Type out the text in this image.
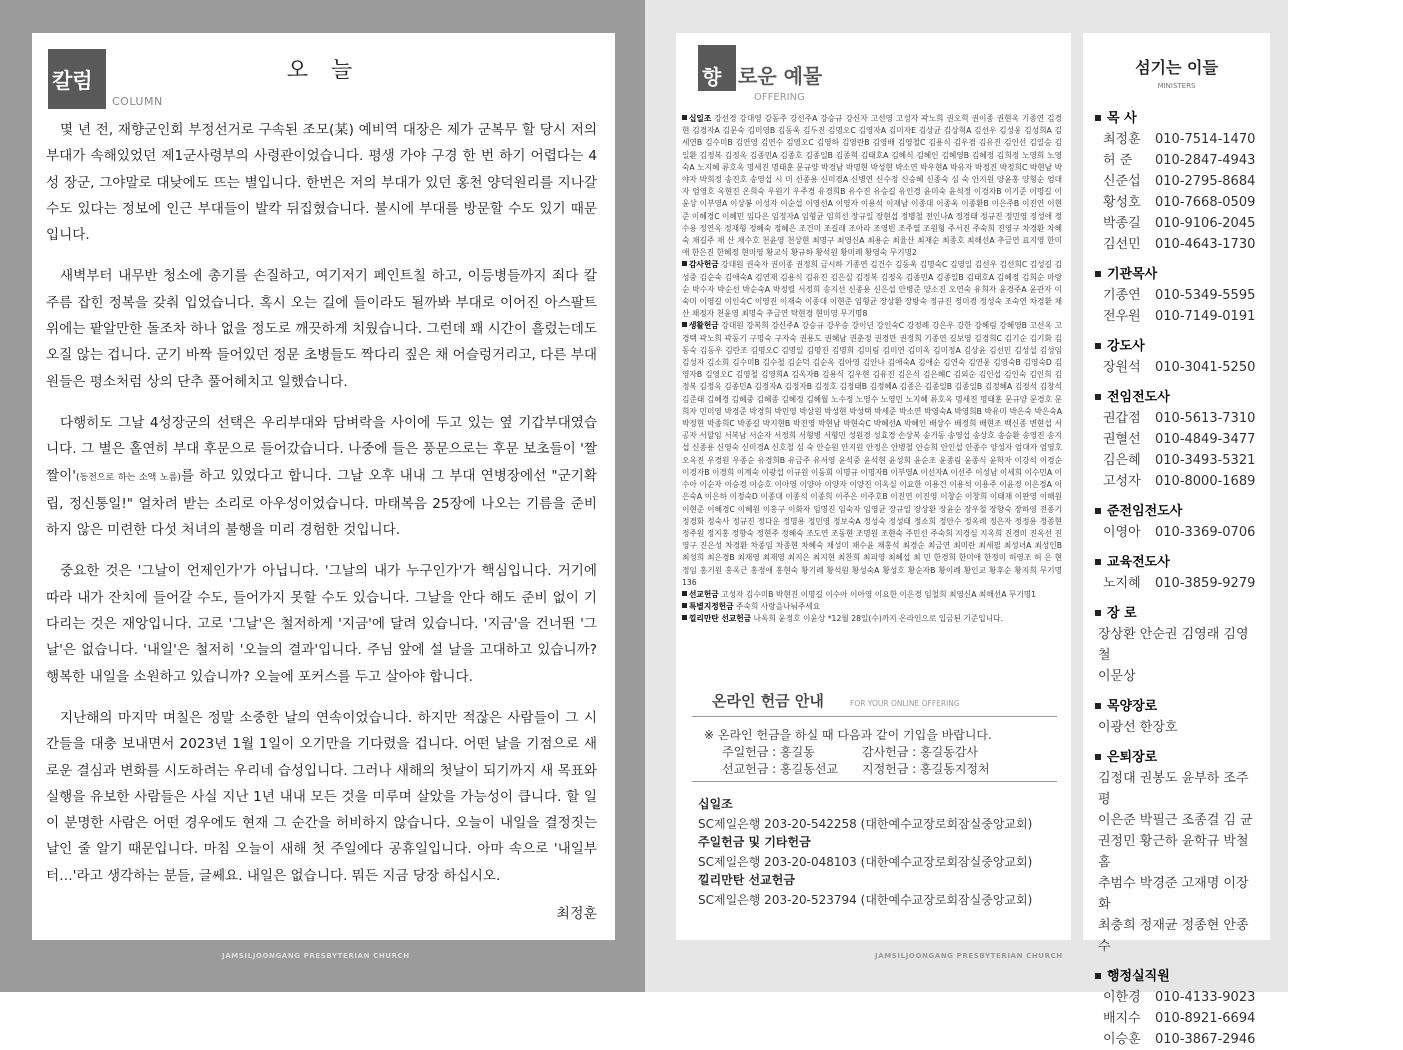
칼럼
COLUMN
오 늘

몇 년 전, 재향군인회 부정선거로 구속된 조모(某) 예비역 대장은 제가 군복무 할 당시 저의 부대가 속해있었던 제1군사령부의 사령관이었습니다. 평생 가야 구경 한 번 하기 어렵다는 4성 장군, 그야말로 대낮에도 뜨는 별입니다. 한번은 저의 부대가 있던 홍천 양덕원리를 지나갈 수도 있다는 정보에 인근 부대들이 발칵 뒤집혔습니다. 불시에 부대를 방문할 수도 있기 때문입니다.

새벽부터 내무반 청소에 총기를 손질하고, 여기저기 페인트칠 하고, 이등병들까지 죄다 칼주름 잡힌 정복을 갖춰 입었습니다. 혹시 오는 길에 들이라도 될까봐 부대로 이어진 아스팔트 위에는 팥알만한 돌조차 하나 없을 정도로 깨끗하게 치웠습니다. 그런데 꽤 시간이 흘렀는데도 오질 않는 겁니다. 군기 바짝 들어있던 정문 초병들도 짝다리 짚은 채 어슬렁거리고, 다른 부대원들은 평소처럼 상의 단추 풀어헤치고 일했습니다.

다행히도 그날 4성장군의 선택은 우리부대와 담벼락을 사이에 두고 있는 옆 기갑부대였습니다. 그 별은 홀연히 부대 후문으로 들어갔습니다. 나중에 들은 풍문으로는 후문 보초들이 '짤짤이'(동전으로 하는 소액 노름)를 하고 있었다고 합니다. 그날 오후 내내 그 부대 연병장에선 "군기확립, 정신통일!" 얼차려 받는 소리로 아우성이었습니다. 마태복음 25장에 나오는 기름을 준비하지 않은 미련한 다섯 처녀의 불행을 미리 경험한 것입니다.

중요한 것은 '그날이 언제인가'가 아닙니다. '그날의 내가 누구인가'가 핵심입니다. 거기에 따라 내가 잔치에 들어갈 수도, 들어가지 못할 수도 있습니다. 그날을 안다 해도 준비 없이 기다리는 것은 재앙입니다. 고로 '그날'은 철저하게 '지금'에 달려 있습니다. '지금'을 건너뛴 '그날'은 없습니다. '내일'은 철저히 '오늘의 결과'입니다. 주님 앞에 설 날을 고대하고 있습니까? 행복한 내일을 소원하고 있습니까? 오늘에 포커스를 두고 살아야 합니다.

지난해의 마지막 며칠은 정말 소중한 날의 연속이었습니다. 하지만 적잖은 사람들이 그 시간들을 대충 보내면서 2023년 1월 1일이 오기만을 기다렸을 겁니다. 어떤 날을 기점으로 새로운 결심과 변화를 시도하려는 우리네 습성입니다. 그러나 새해의 첫날이 되기까지 새 목표와 실행을 유보한 사람들은 사실 지난 1년 내내 모든 것을 미루며 살았을 가능성이 큽니다. 할 일이 분명한 사람은 어떤 경우에도 현재 그 순간을 허비하지 않습니다. 오늘이 내일을 결정짓는 날인 줄 알기 때문입니다. 마침 오늘이 새해 첫 주일에다 공휴일입니다. 아마 속으로 '내일부터…'라고 생각하는 분들, 글쎄요. 내일은 없습니다. 뭐든 지금 당장 하십시오.

최정훈
JAMSILJOONGANG PRESBYTERIAN CHURCH	JAMSILJOONGANG PRESBYTERIAN CHURCH
향기
로운 예물
OFFERING
십일조 강선경 강대영 강동주 강선주A 강승규 강신자 고선영 고성자 곽노희 권오혁 권이종 권현옥 기종연 김경현 김경자A 김문숙 김미영B 김동욱 김두진 김명오C 김영자A 김미자E 김상균 김상혁A 김선우 김성웅 김성희A 김세연B 김수미B 김연영 김연수 김영오C 김영하 김영란B 김영배 김영철C 김용식 김우겸 김유진 김인선 김일승 김일환 김정복 김정옥 김종민A 김종호 김종일B 김종혁 김태호A 김혜식 김혜인 김혜영B 김혜정 김희정 노영희 노영숙A 노지혜 류호옥 명세진 명태훈 문규양 박경남 박명현 박성현 박소연 박우현A 박유자 박정진 박정희C 박현남 박야자 박희정 송진호 송영섭 시 미 신종용 신미경A 신병연 신수정 신승혜 신종숙 심 숙 안지원 양윤홍 양형순 엄대자 엄영호 옥현진 온희숙 우원기 우주경 유경희B 유수진 유승길 유인경 윤미숙 윤석정 이경자B 이기준 이명길 이윤상 이부영A 이상봉 이성자 이순섭 이영선A 이영자 이용석 이재남 이종대 이종욱 이종환B 이은주B 이진연 이현준 이혜경C 이혜민 임다은 임정자A 임형균 임희선 장규일 장현섭 정병철 전인나A 정경태 정규진 정민영 정성애 정수용 정연옥 정재형 정혜숙 정혜은 조건미 조길래 조아라 조영빈 조주열 조원형 주서진 주숙희 진영구 차경환 차혜숙 채길주 채 산 채수호 천윤영 천상현 최명구 최영신A 최용순 최율산 최재순 최종호 최해선A 추금연 표지영 한미애 한은진 한혜정 현미영 황교식 황규하 황석원 황미례 황영숙 무기명2
감사헌금 강대원 권숙자 권이종 권정희 금시하 기종연 김건수 김동욱 김명숙C 김영일 김선우 김선희C 김성길 김성중 김순숙 김애숙A 김연재 김용식 김유진 김은실 김정복 김정옥 김종민A 김종일B 김태호A 김혜정 김희순 마랑순 박수자 박순선 박순숙A 박정렬 서정희 송지선 신종용 신은섭 안병준 양소진 오연숙 유희자 윤경주A 윤관자 이숙미 이영길 이인숙C 이영진 이재숙 이종대 이현준 임형균 장상환 장방숙 정규진 정미경 정성숙 조숙연 차경환 채 산 채정자 천윤영 최명숙 추금연 탁현경 현미영 무기명8
생활헌금 강대원 강복희 강신주A 강승규 강우승 강이년 강인숙C 강정례 강은우 강한 강혜림 강혜영B 고선옥 고경택 곽노희 곽동기 구명숙 구자숙 권용도 권혜남 권춘정 권경만 권정희 기종연 길보영 김경희C 김기순 김기화 김동숙 김동우 김란조 김명오C 김명일 김명진 김명희 김미림 김미연 김미옥 김미정A 김상윤 김선민 김성섭 김성임 김성자 김소희 김수미B 김수철 김순덕 김순옥 김아영 김안나 김애숙A 김애순 김연숙 김연웅 김영숙B 김영숙D 김영자B 김영오C 김영철 김영희A 김옥자B 김용식 김우현 김유진 김은식 김은혜C 김외순 김인섭 김인숙 김인희 김정복 김정옥 김종민A 김정자A 김정자B 김정호 김정태B 김정혜A 김종은 김종일B 김종일B 김정혜A 김정석 김창석 김준태 김혜경 김혜중 김혜종 김혜정 김혜월 노수정 노영수 노영민 노지혜 류호옥 명세진 명태훈 문규양 문경호 문희자 민미영 박경준 박경희 박민영 박상원 박성현 박성택 박세준 박소연 박영숙A 박영희B 박유미 박은숙 박은숙A 박정현 박종희C 박종길 박지현B 박진영 박현남 박현숙C 박혜선A 박혜인 배상수 배정희 배현조 백신종 변현섭 서공자 서할임 서복남 서순자 서정희 서형병 서형민 성원경 성효경 손상복 송기동 송영섭 송상호 송승환 송영진 송지섭 신종용 신영숙 신미경A 신호철 심 숙 안승원 안지원 안정은 안병철 안승희 안인섭 안종수 양성자 엄대자 엄영호 오옥진 우경원 우종순 유경희B 유금주 유서영 윤석중 윤석현 윤성희 윤순조 윤종림 윤종식 윤학자 이강석 이경순 이경자B 이경희 이계숙 이광섭 이규원 이동회 이명규 이명자B 이부영A 이선자A 이선주 이성남 이세희 이수민A 이수아 이순자 이승경 이승호 이아영 이양아 이양자 이양진 이옥실 이요한 이용건 이용석 이용주 이윤경 이은경A 이은숙A 이은하 이정숙D 이종대 이종석 이종희 이주은 이주호B 이진연 이진영 이창순 이창희 이태재 이판영 이해원 이현준 이혜경C 이혜원 이홍구 이화자 임명진 임숙자 임영균 장규일 장상환 장윤순 장우철 장향숙 장하영 전종기 정경화 정숙사 정규진 정다운 정명용 정민영 정보숙A 정성숙 정성태 정소희 정안수 정옥례 정은자 정정용 정종현 정주원 정지홍 정향숙 정현주 정혜숙 조도연 조동현 조명원 조현숙 주민선 주숙희 지경심 지옥희 진경미 진옥선 진영구 진은성 차경환 차종임 차종현 차혜숙 채성미 채수윤 채홍석 최경순 최금연 최미란 최세필 최성녀A 최성인B 최성희 최은경B 최재영 최재영 최지은 최지현 최찬희 최피영 최혜섭 최 민 한경희 한미애 한정미 허영조 허 은 현정임 홍기원 홍옥근 홍정애 홍현숙 황기례 황석원 황성숙A 황성호 황순자B 황이례 황인교 황후순 황지희 무기명136
선교헌금 고성자 김수미B 박현진 이명길 이수아 이아영 이요한 이은경 임철희 최영신A 최해선A 무기명1
특별지정헌금 주숙희 사랑을나눠주세요
낄리만탄 선교헌금 나옥희 윤정호 이윤상 *12월 28일(수)까지 온라인으로 입금된 기준입니다.
온라인 헌금 안내	FOR YOUR ONLINE OFFERING
※ 온라인 헌금을 하실 때 다음과 같이 기입을 바랍니다.
주일헌금 : 홍길동	감사헌금 : 홍길동감사
선교헌금 : 홍길동선교	지정헌금 : 홍길동지정처
십일조
SC제일은행 203-20-542258 (대한예수교장로회잠실중앙교회)
주일헌금 및 기타헌금
SC제일은행 203-20-048103 (대한예수교장로회잠실중앙교회)
낄리만탄 선교헌금
SC제일은행 203-20-523794 (대한예수교장로회잠실중앙교회)
섬기는 이들
MINISTERS
목 사
최정훈 010-7514-1470
허 준 010-2847-4943
신준섭 010-2795-8684
황성호 010-7668-0509
박종길 010-9106-2045
김선민 010-4643-1730
기관목사
기종연 010-5349-5595
전우원 010-7149-0191
강도사
장원석 010-3041-5250
전임전도사
권갑점 010-5613-7310
권혈선 010-4849-3477
김은혜 010-3493-5321
고성자 010-8000-1689
준전임전도사
이영아 010-3369-0706
교육전도사
노지혜 010-3859-9279
장 로
장상환 안순권 김영래 김영철
이문상
목양장로
이광선 한장호
은퇴장로
김정대 권봉도 윤부하 조주평
이은준 박필근 조종걸 김 균
권정민 황근하 윤학규 박철홈
추범수 박경준 고재명 이장화
최충희 정재균 정종현 안종수
행정실직원
이한경 010-4133-9023
배지수 010-8921-6694
이승훈 010-3867-2946
